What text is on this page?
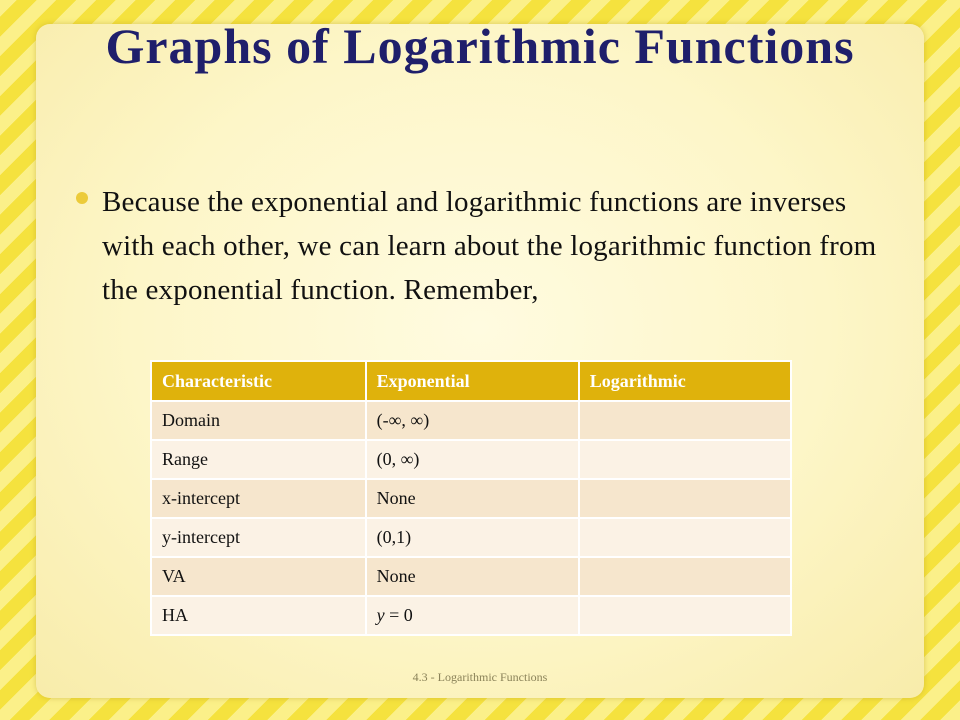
Graphs of Logarithmic Functions

Because the exponential and logarithmic functions are inverses with each other, we can learn about the logarithmic function from the exponential function. Remember,

Characteristic	Exponential	Logarithmic
Domain	(-∞, ∞)	
Range	(0, ∞)	
x-intercept	None	
y-intercept	(0,1)	
VA	None	
HA	y = 0	
4.3 - Logarithmic Functions
